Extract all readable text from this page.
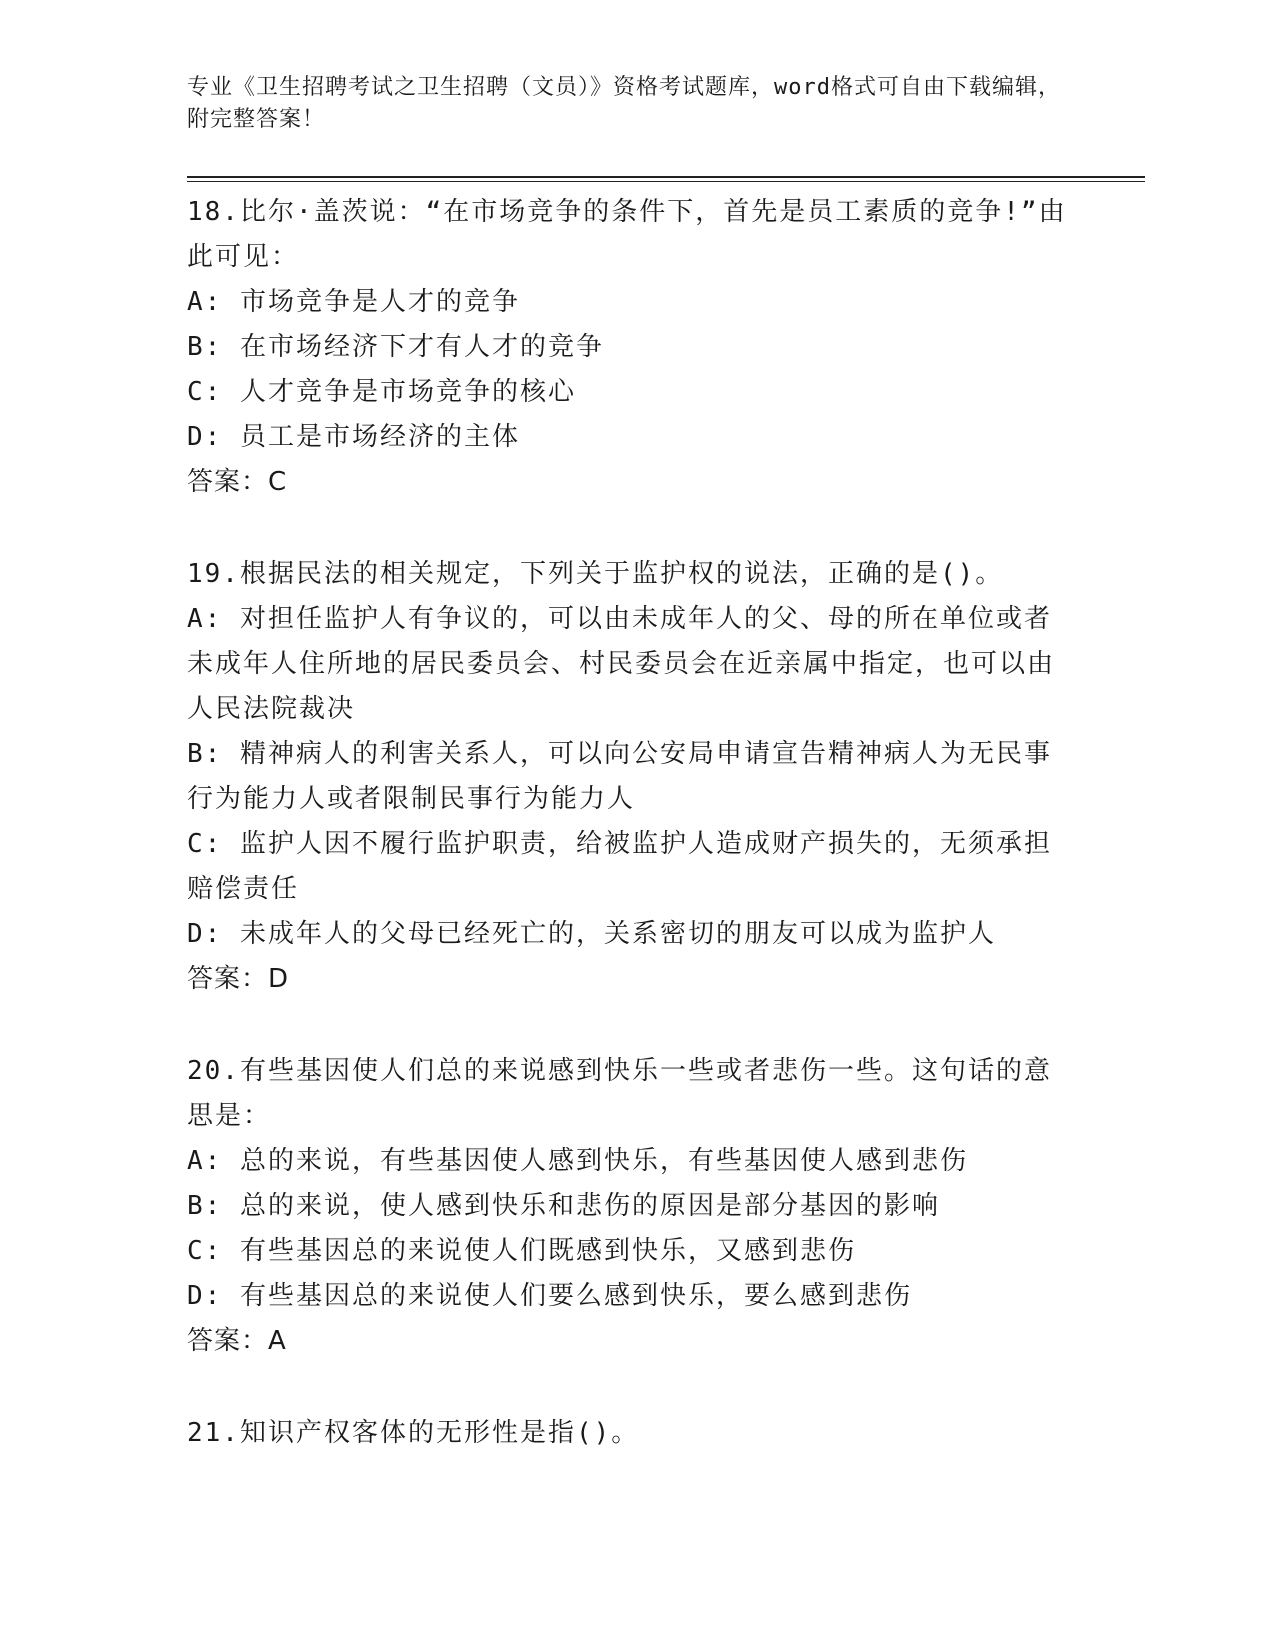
专业《卫生招聘考试之卫生招聘（文员）》资格考试题库，word格式可自由下载编辑，附完整答案！
18.比尔·盖茨说：“在市场竞争的条件下，首先是员工素质的竞争!”由此可见：
A: 市场竞争是人才的竞争
B: 在市场经济下才有人才的竞争
C: 人才竞争是市场竞争的核心
D: 员工是市场经济的主体
答案：C
19.根据民法的相关规定，下列关于监护权的说法，正确的是()。
A: 对担任监护人有争议的，可以由未成年人的父、母的所在单位或者未成年人住所地的居民委员会、村民委员会在近亲属中指定，也可以由人民法院裁决
B: 精神病人的利害关系人，可以向公安局申请宣告精神病人为无民事行为能力人或者限制民事行为能力人
C: 监护人因不履行监护职责，给被监护人造成财产损失的，无须承担赔偿责任
D: 未成年人的父母已经死亡的，关系密切的朋友可以成为监护人
答案：D
20.有些基因使人们总的来说感到快乐一些或者悲伤一些。这句话的意思是：
A: 总的来说，有些基因使人感到快乐，有些基因使人感到悲伤
B: 总的来说，使人感到快乐和悲伤的原因是部分基因的影响
C: 有些基因总的来说使人们既感到快乐，又感到悲伤
D: 有些基因总的来说使人们要么感到快乐，要么感到悲伤
答案：A
21.知识产权客体的无形性是指()。
